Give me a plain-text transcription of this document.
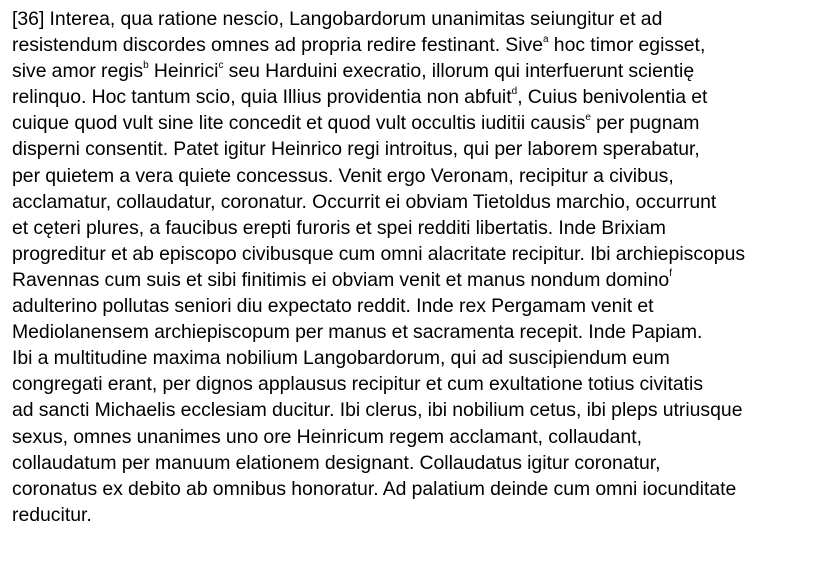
[36] Interea, qua ratione nescio, Langobardorum unanimitas seiungitur et ad
resistendum discordes omnes ad propria redire festinant. Sive$^a$ hoc timor egisset,
sive amor regis$^b$ Heinrici$^c$ seu Harduini execratio, illorum qui interfuerunt scientię
relinquo. Hoc tantum scio, quia Illius providentia non abfuit$^d$, Cuius benivolentia et
cuique quod vult sine lite concedit et quod vult occultis iuditii causis$^e$ per pugnam
disperni consentit. Patet igitur Heinrico regi introitus, qui per laborem sperabatur,
per quietem a vera quiete concessus. Venit ergo Veronam, recipitur a civibus,
acclamatur, collaudatur, coronatur. Occurrit ei obviam Tietoldus marchio, occurrunt
et cęteri plures, a faucibus erepti furoris et spei redditi libertatis. Inde Brixiam
progreditur et ab episcopo civibusque cum omni alacritate recipitur. Ibi archiepiscopus
Ravennas cum suis et sibi finitimis ei obviam venit et manus nondum domino$^f$
adulterino pollutas seniori diu expectato reddit. Inde rex Pergamam venit et
Mediolanensem archiepiscopum per manus et sacramenta recepit. Inde Papiam.
Ibi a multitudine maxima nobilium Langobardorum, qui ad suscipiendum eum
congregati erant, per dignos applausus recipitur et cum exultatione totius civitatis
ad sancti Michaelis ecclesiam ducitur. Ibi clerus, ibi nobilium cetus, ibi pleps utriusque
sexus, omnes unanimes uno ore Heinricum regem acclamant, collaudant,
collaudatum per manuum elationem designant. Collaudatus igitur coronatur,
coronatus ex debito ab omnibus honoratur. Ad palatium deinde cum omni iocunditate
reducitur.
